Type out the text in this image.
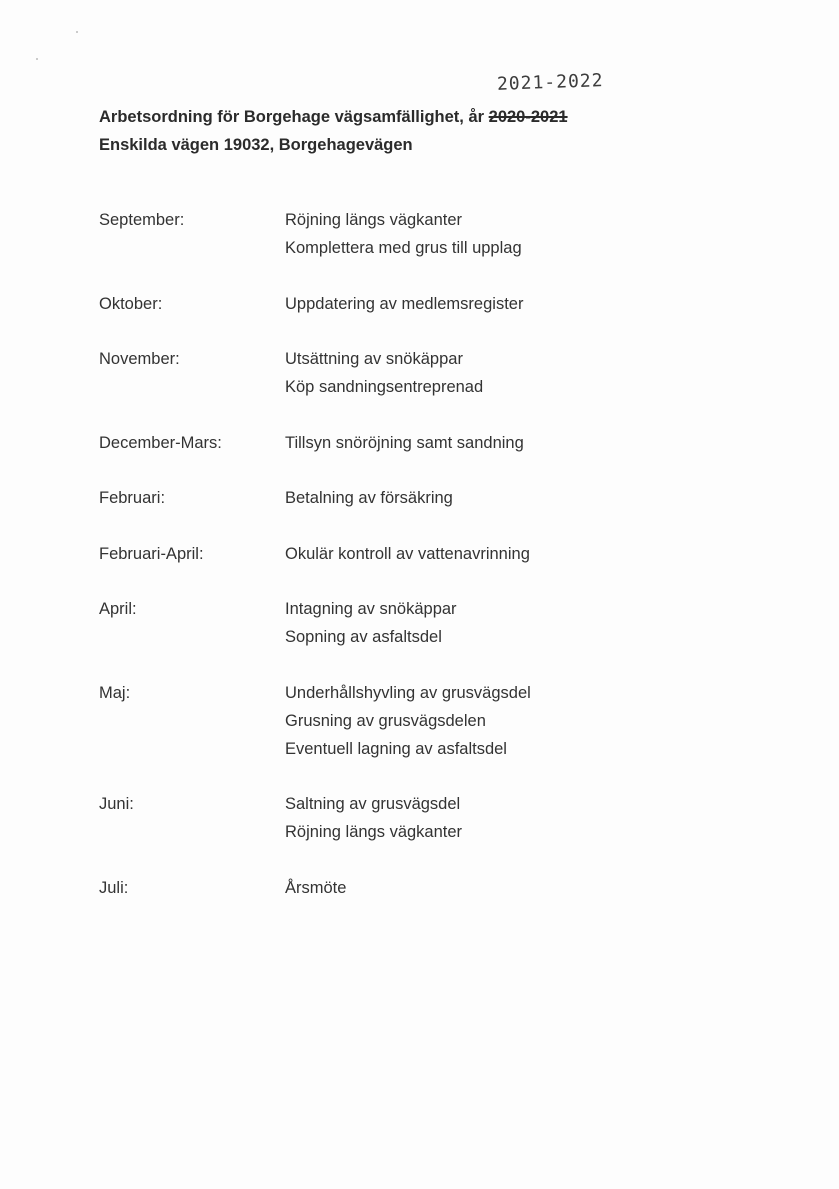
2021-2022
Arbetsordning för Borgehage vägsamfällighet, år 2020-2021
Enskilda vägen 19032, Borgehagevägen
September:	Röjning längs vägkanter
Komplettera med grus till upplag
Oktober:	Uppdatering av medlemsregister
November:	Utsättning av snökäppar
Köp sandningsentreprenad
December-Mars:	Tillsyn snöröjning samt sandning
Februari:	Betalning av försäkring
Februari-April:	Okulär kontroll av vattenavrinning
April:	Intagning av snökäppar
Sopning av asfaltsdel
Maj:	Underhållshyvling av grusvägsdel
Grusning av grusvägsdelen
Eventuell lagning av asfaltsdel
Juni:	Saltning av grusvägsdel
Röjning längs vägkanter
Juli:	Årsmöte
